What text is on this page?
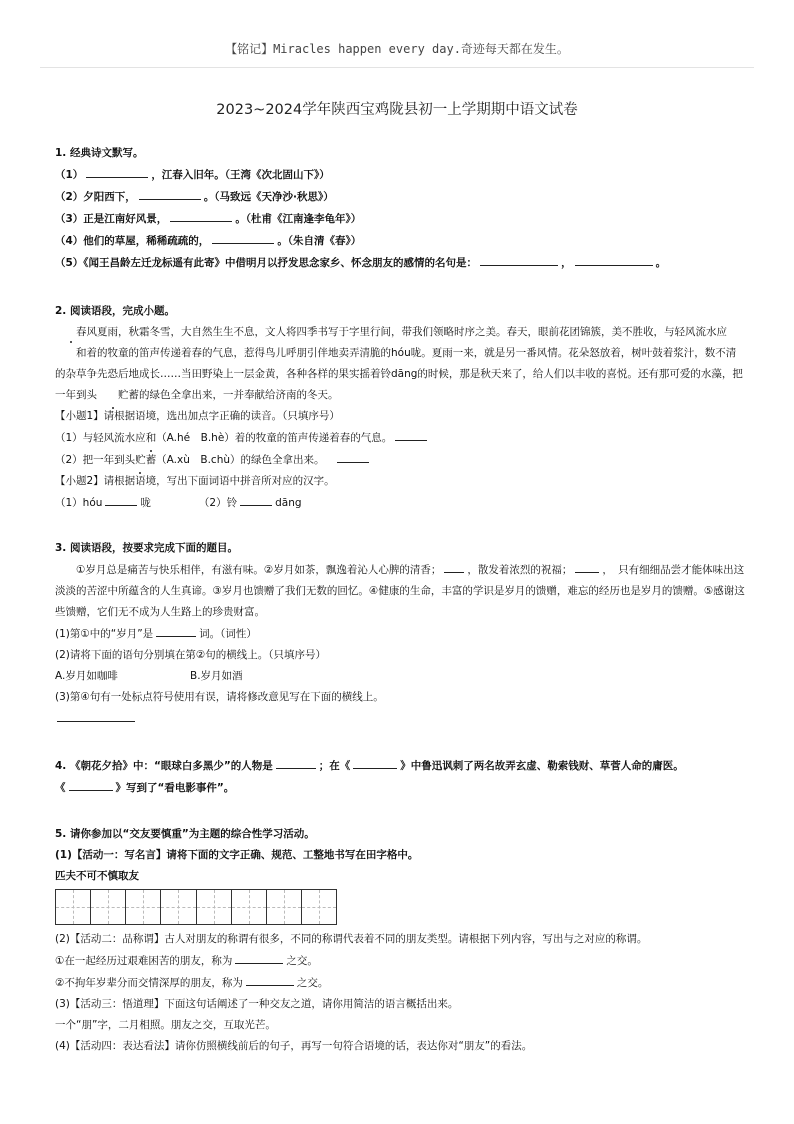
【铭记】Miracles happen every day.奇迹每天都在发生。
2023~2024学年陕西宝鸡陇县初一上学期期中语文试卷

1. 经典诗文默写。

（1）	，江春入旧年。（王湾《次北固山下》）

（2）夕阳西下，	。（马致远《天净沙·秋思》）

（3）正是江南好风景，	。（杜甫《江南逢李龟年》）

（4）他们的草屋，稀稀疏疏的，	。（朱自清《春》）

（5）《闻王昌龄左迁龙标遥有此寄》中借明月以抒发思念家乡、怀念朋友的感情的名句是：	，	。

2. 阅读语段，完成小题。

春风夏雨，秋霜冬雪，大自然生生不息，文人将四季书写于字里行间，带我们领略时序之美。春天，眼前花团锦簇，美不胜收，与轻风流水应和着的牧童的笛声传递着春的气息，惹得鸟儿呼朋引伴地卖弄清脆的hóu咙。夏雨一来，就是另一番风情。花朵怒放着，树叶鼓着浆汁，数不清的杂草争先恐后地成长……当田野染上一层金黄，各种各样的果实摇着铃dāng的时候，那是秋天来了，给人们以丰收的喜悦。还有那可爱的水藻，把一年到头 贮蓄的绿色全拿出来，一并奉献给济南的冬天。

【小题1】请根据语境，选出加点字正确的读音。（只填序号）

（1）与轻风流水应和（A.hé　B.hè）着的牧童的笛声传递着春的气息。

（2）把一年到头贮蓄（A.xù　B.chù）的绿色全拿出来。

【小题2】请根据语境，写出下面词语中拼音所对应的汉字。

（1）hóu	咙	（2）铃	dāng

3. 阅读语段，按要求完成下面的题目。

①岁月总是痛苦与快乐相伴，有滋有味。②岁月如茶，飘逸着沁人心脾的清香； ，散发着浓烈的祝福；	，　只有细细品尝才能体味出这淡淡的苦涩中所蕴含的人生真谛。③岁月也馈赠了我们无数的回忆。④健康的生命，丰富的学识是岁月的馈赠，难忘的经历也是岁月的馈赠。⑤感谢这些馈赠，它们无不成为人生路上的珍贵财富。

(1)第①中的“岁月”是	词。（词性）

(2)请将下面的语句分别填在第②句的横线上。（只填序号）

A.岁月如咖啡	B.岁月如酒

(3)第④句有一处标点符号使用有误，请将修改意见写在下面的横线上。

4. 《朝花夕拾》中：“眼球白多黑少”的人物是	；在《	》中鲁迅讽刺了两名故弄玄虚、勒索钱财、草菅人命的庸医。

《	》写到了“看电影事件”。

5. 请你参加以“交友要慎重”为主题的综合性学习活动。

(1)【活动一：写名言】请将下面的文字正确、规范、工整地书写在田字格中。

匹夫不可不慎取友

(2)【活动二：品称谓】古人对朋友的称谓有很多，不同的称谓代表着不同的朋友类型。请根据下列内容，写出与之对应的称谓。

①在一起经历过艰难困苦的朋友，称为	之交。

②不拘年岁辈分而交情深厚的朋友，称为	之交。

(3)【活动三：悟道理】下面这句话阐述了一种交友之道，请你用简洁的语言概括出来。

一个“朋”字，二月相照。朋友之交，互取光芒。

(4)【活动四：表达看法】请你仿照横线前后的句子，再写一句符合语境的话，表达你对“朋友”的看法。
